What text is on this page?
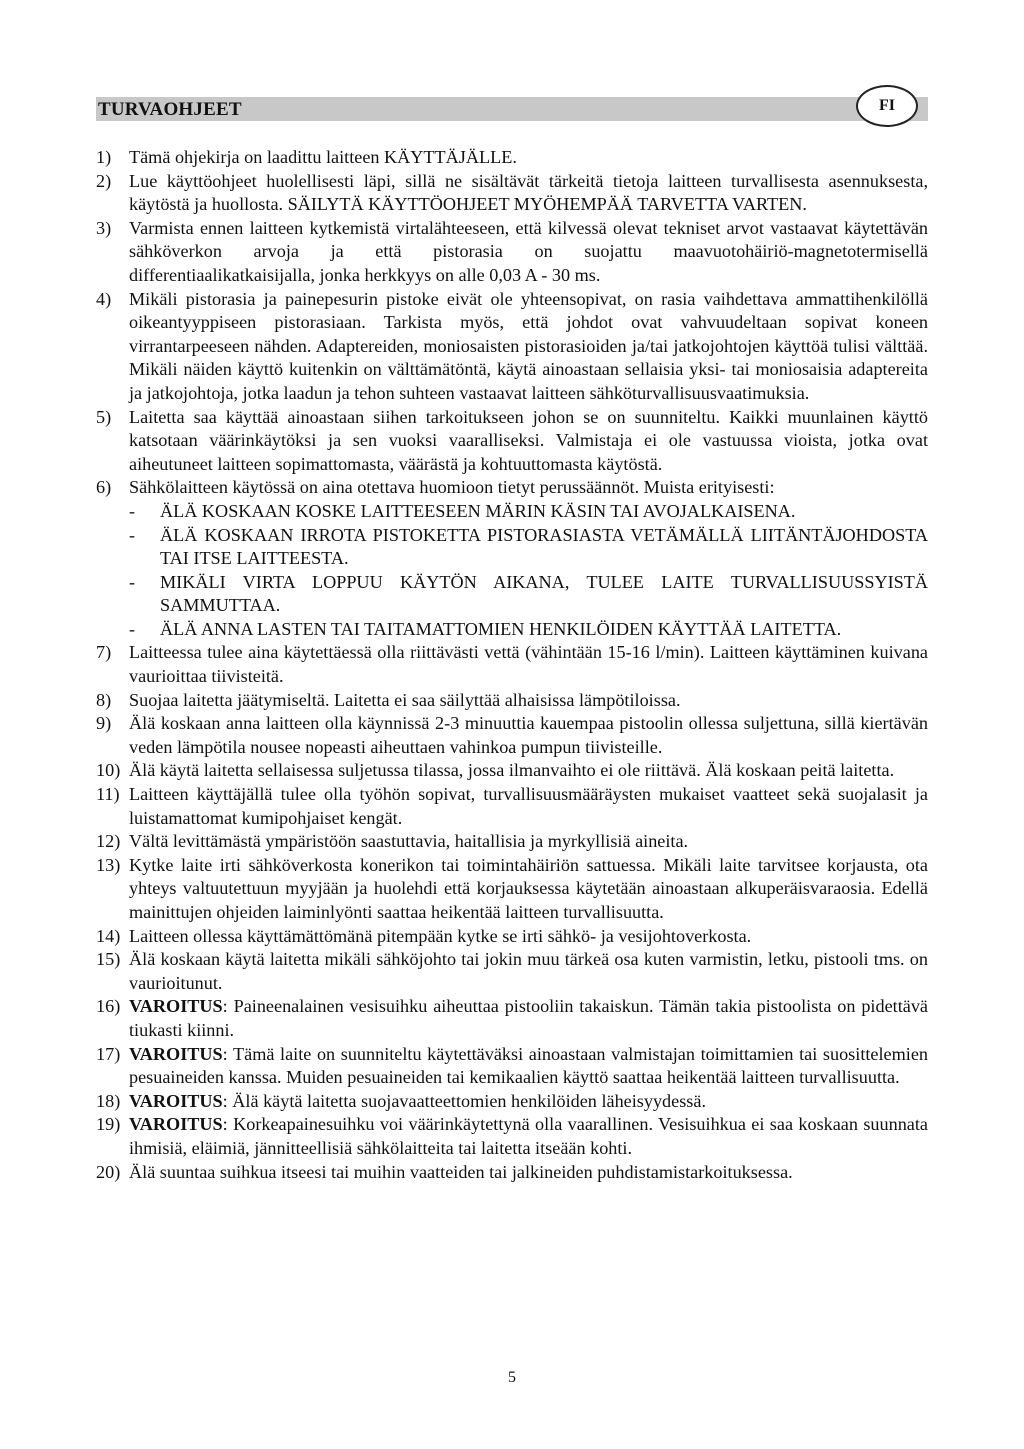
TURVAOHJEET	FI
1) Tämä ohjekirja on laadittu laitteen KÄYTTÄJÄLLE.
2) Lue käyttöohjeet huolellisesti läpi, sillä ne sisältävät tärkeitä tietoja laitteen turvallisesta asennuksesta, käytöstä ja huollosta. SÄILYTÄ KÄYTTÖOHJEET MYÖHEMPÄÄ TARVETTA VARTEN.
3) Varmista ennen laitteen kytkemistä virtalähteeseen, että kilvessä olevat tekniset arvot vastaavat käytettävän sähköverkon arvoja ja että pistorasia on suojattu maavuotohäiriö-magnetotermisellä differentiaalikatkaisijalla, jonka herkkyys on alle 0,03 A - 30 ms.
4) Mikäli pistorasia ja painepesurin pistoke eivät ole yhteensopivat, on rasia vaihdettava ammattihenkilöllä oikeantyyppiseen pistorasiaan. Tarkista myös, että johdot ovat vahvuudeltaan sopivat koneen virrantarpeeseen nähden. Adaptereiden, moniosaisten pistorasioiden ja/tai jatkojohtojen käyttöä tulisi välttää. Mikäli näiden käyttö kuitenkin on välttämätöntä, käytä ainoastaan sellaisia yksi- tai moniosaisia adaptereita ja jatkojohtoja, jotka laadun ja tehon suhteen vastaavat laitteen sähköturvallisuusvaatimuksia.
5) Laitetta saa käyttää ainoastaan siihen tarkoitukseen johon se on suunniteltu. Kaikki muunlainen käyttö katsotaan väärinkäytöksi ja sen vuoksi vaaralliseksi. Valmistaja ei ole vastuussa vioista, jotka ovat aiheutuneet laitteen sopimattomasta, väärästä ja kohtuuttomasta käytöstä.
6) Sähkölaitteen käytössä on aina otettava huomioon tietyt perussäännöt. Muista erityisesti:
-	ÄLÄ KOSKAAN KOSKE LAITTEESEEN MÄRIN KÄSIN TAI AVOJALKAISENA.
-	ÄLÄ KOSKAAN IRROTA PISTOKETTA PISTORASIASTA VETÄMÄLLÄ LIITÄNTÄJOHDOSTA TAI ITSE LAITTEESTA.
-	MIKÄLI VIRTA LOPPUU KÄYTÖN AIKANA, TULEE LAITE TURVALLISUUSSYISTÄ SAMMUTTAA.
-	ÄLÄ ANNA LASTEN TAI TAITAMATTOMIEN HENKILÖIDEN KÄYTTÄÄ LAITETTA.
7) Laitteessa tulee aina käytettäessä olla riittävästi vettä (vähintään 15-16 l/min). Laitteen käyttäminen kuivana vaurioittaa tiivisteitä.
8) Suojaa laitetta jäätymiseltä. Laitetta ei saa säilyttää alhaisissa lämpötiloissa.
9) Älä koskaan anna laitteen olla käynnissä 2-3 minuuttia kauempaa pistoolin ollessa suljettuna, sillä kiertävän veden lämpötila nousee nopeasti aiheuttaen vahinkoa pumpun tiivisteille.
10) Älä käytä laitetta sellaisessa suljetussa tilassa, jossa ilmanvaihto ei ole riittävä. Älä koskaan peitä laitetta.
11) Laitteen käyttäjällä tulee olla työhön sopivat, turvallisuusmääräysten mukaiset vaatteet sekä suojalasit ja luistamattomat kumipohjaiset kengät.
12) Vältä levittämästä ympäristöön saastuttavia, haitallisia ja myrkyllisiä aineita.
13) Kytke laite irti sähköverkosta konerikon tai toimintahäiriön sattuessa. Mikäli laite tarvitsee korjausta, ota yhteys valtuutettuun myyjään ja huolehdi että korjauksessa käytetään ainoastaan alkuperäisvaraosia. Edellä mainittujen ohjeiden laiminlyönti saattaa heikentää laitteen turvallisuutta.
14) Laitteen ollessa käyttämättömänä pitempään kytke se irti sähkö- ja vesijohtoverkosta.
15) Älä koskaan käytä laitetta mikäli sähköjohto tai jokin muu tärkeä osa kuten varmistin, letku, pistooli tms. on vaurioitunut.
16) VAROITUS: Paineenalainen vesisuihku aiheuttaa pistooliin takaiskun. Tämän takia pistoolista on pidettävä tiukasti kiinni.
17) VAROITUS: Tämä laite on suunniteltu käytettäväksi ainoastaan valmistajan toimittamien tai suosittelemien pesuaineiden kanssa. Muiden pesuaineiden tai kemikaalien käyttö saattaa heikentää laitteen turvallisuutta.
18) VAROITUS: Älä käytä laitetta suojavaatteettomien henkilöiden läheisyydessä.
19) VAROITUS: Korkeapainesuihku voi väärinkäytettynä olla vaarallinen. Vesisuihkua ei saa koskaan suunnata ihmisiä, eläimiä, jännitteellisiä sähkölaitteita tai laitetta itseään kohti.
20) Älä suuntaa suihkua itseesi tai muihin vaatteiden tai jalkineiden puhdistamistarkoituksessa.
5
